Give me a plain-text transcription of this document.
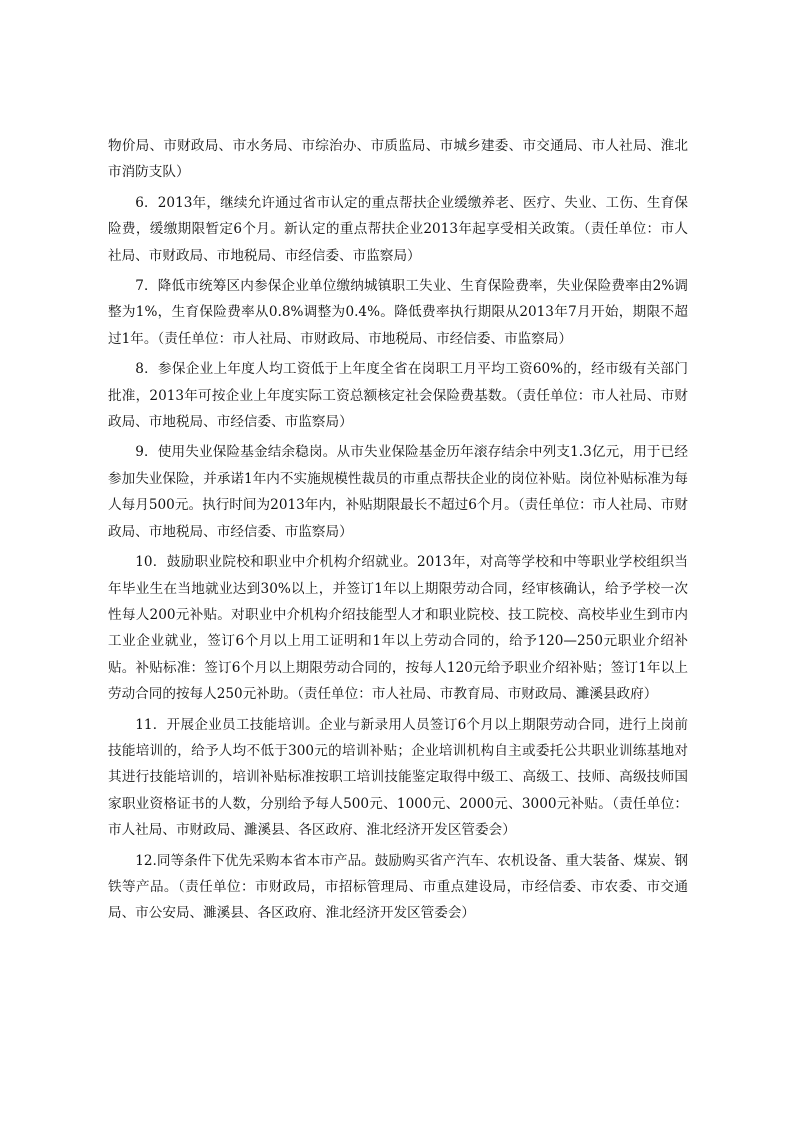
物价局、市财政局、市水务局、市综治办、市质监局、市城乡建委、市交通局、市人社局、淮北市消防支队）

6．2013年，继续允许通过省市认定的重点帮扶企业缓缴养老、医疗、失业、工伤、生育保险费，缓缴期限暂定6个月。新认定的重点帮扶企业2013年起享受相关政策。（责任单位：市人社局、市财政局、市地税局、市经信委、市监察局）

7．降低市统筹区内参保企业单位缴纳城镇职工失业、生育保险费率，失业保险费率由2%调整为1%，生育保险费率从0.8%调整为0.4%。降低费率执行期限从2013年7月开始，期限不超过1年。（责任单位：市人社局、市财政局、市地税局、市经信委、市监察局）

8．参保企业上年度人均工资低于上年度全省在岗职工月平均工资60%的，经市级有关部门批准，2013年可按企业上年度实际工资总额核定社会保险费基数。（责任单位：市人社局、市财政局、市地税局、市经信委、市监察局）

9．使用失业保险基金结余稳岗。从市失业保险基金历年滚存结余中列支1.3亿元，用于已经参加失业保险，并承诺1年内不实施规模性裁员的市重点帮扶企业的岗位补贴。岗位补贴标准为每人每月500元。执行时间为2013年内，补贴期限最长不超过6个月。（责任单位：市人社局、市财政局、市地税局、市经信委、市监察局）

10．鼓励职业院校和职业中介机构介绍就业。2013年，对高等学校和中等职业学校组织当年毕业生在当地就业达到30%以上，并签订1年以上期限劳动合同，经审核确认，给予学校一次性每人200元补贴。对职业中介机构介绍技能型人才和职业院校、技工院校、高校毕业生到市内工业企业就业，签订6个月以上用工证明和1年以上劳动合同的，给予120—250元职业介绍补贴。补贴标准：签订6个月以上期限劳动合同的，按每人120元给予职业介绍补贴；签订1年以上劳动合同的按每人250元补助。（责任单位：市人社局、市教育局、市财政局、濉溪县政府）

11．开展企业员工技能培训。企业与新录用人员签订6个月以上期限劳动合同，进行上岗前技能培训的，给予人均不低于300元的培训补贴；企业培训机构自主或委托公共职业训练基地对其进行技能培训的，培训补贴标准按职工培训技能鉴定取得中级工、高级工、技师、高级技师国家职业资格证书的人数，分别给予每人500元、1000元、2000元、3000元补贴。（责任单位：市人社局、市财政局、濉溪县、各区政府、淮北经济开发区管委会）

12.同等条件下优先采购本省本市产品。鼓励购买省产汽车、农机设备、重大装备、煤炭、钢铁等产品。（责任单位：市财政局，市招标管理局、市重点建设局，市经信委、市农委、市交通局、市公安局、濉溪县、各区政府、淮北经济开发区管委会）
